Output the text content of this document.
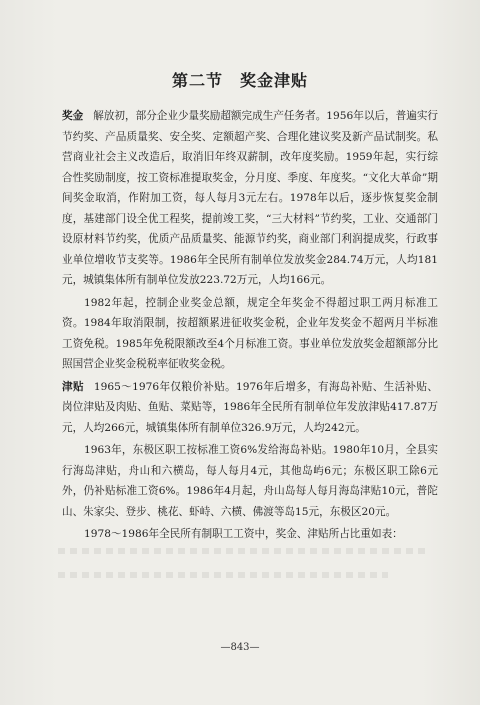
第二节　奖金津贴

奖金 解放初，部分企业少量奖励超额完成生产任务者。1956年以后，普遍实行节约奖、产品质量奖、安全奖、定额超产奖、合理化建议奖及新产品试制奖。私营商业社会主义改造后，取消旧年终双薪制，改年度奖励。1959年起，实行综合性奖励制度，按工资标准提取奖金，分月度、季度、年度奖。“文化大革命”期间奖金取消，作附加工资，每人每月3元左右。1978年以后，逐步恢复奖金制度，基建部门设全优工程奖，提前竣工奖，“三大材料”节约奖，工业、交通部门设原材料节约奖，优质产品质量奖、能源节约奖，商业部门利润提成奖，行政事业单位增收节支奖等。1986年全民所有制单位发放奖金284.74万元，人均181元，城镇集体所有制单位发放223.72万元，人均166元。

1982年起，控制企业奖金总额，规定全年奖金不得超过职工两月标准工资。1984年取消限制，按超额累进征收奖金税，企业年发奖金不超两月半标准工资免税。1985年免税限额改至4个月标准工资。事业单位发放奖金超额部分比照国营企业奖金税税率征收奖金税。

津贴 1965～1976年仅粮价补贴。1976年后增多，有海岛补贴、生活补贴、岗位津贴及肉贴、鱼贴、菜贴等，1986年全民所有制单位年发放津贴417.87万元，人均266元，城镇集体所有制单位326.9万元，人均242元。

1963年，东极区职工按标准工资6%发给海岛补贴。1980年10月，全县实行海岛津贴，舟山和六横岛，每人每月4元，其他岛屿6元；东极区职工除6元外，仍补贴标准工资6%。1986年4月起，舟山岛每人每月海岛津贴10元，普陀山、朱家尖、登步、桃花、虾峙、六横、佛渡等岛15元，东极区20元。

1978～1986年全民所有制职工工资中，奖金、津贴所占比重如表：

—843—
